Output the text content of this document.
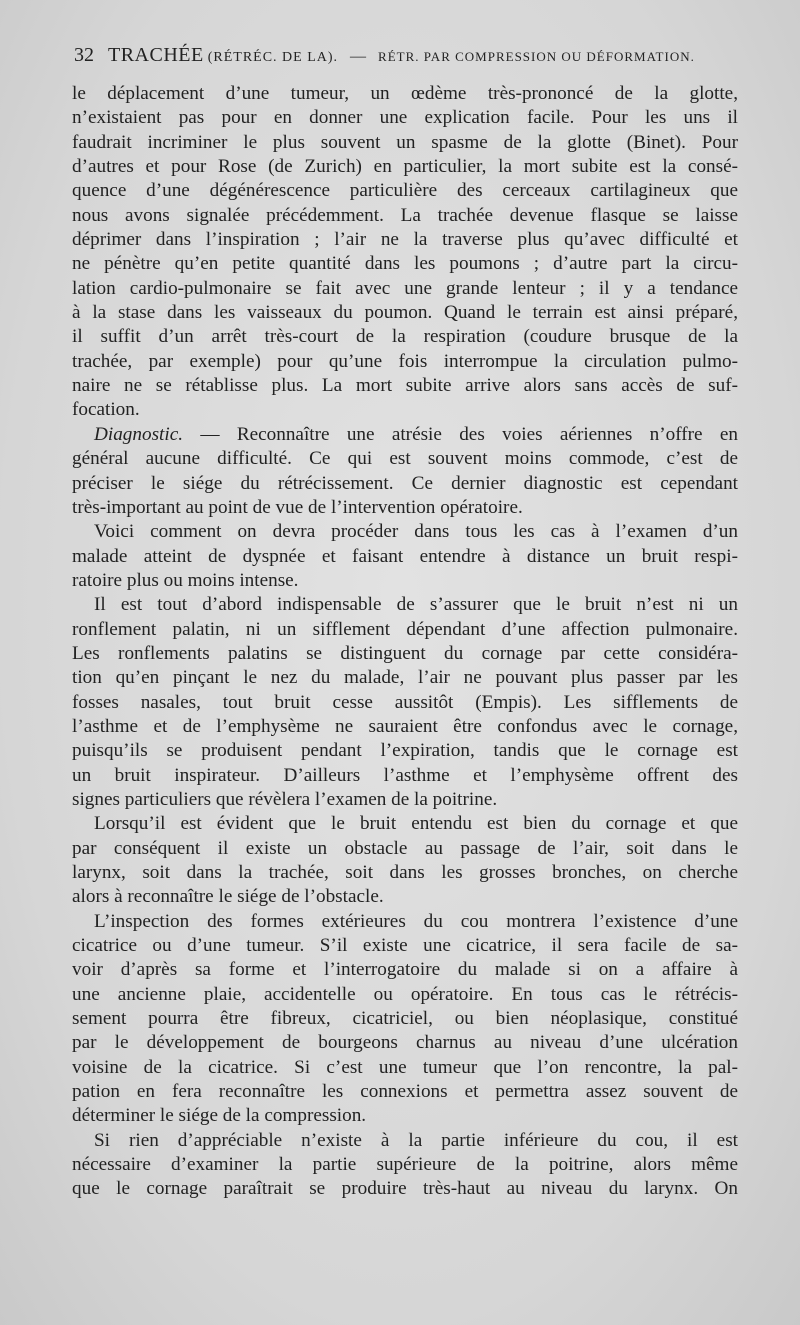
32 TRACHÉE (RÉTRÉC. DE LA). — RÉTR. PAR COMPRESSION OU DÉFORMATION.
le déplacement d’une tumeur, un œdème très-prononcé de la glotte,
n’existaient pas pour en donner une explication facile. Pour les uns il
faudrait incriminer le plus souvent un spasme de la glotte (Binet). Pour
d’autres et pour Rose (de Zurich) en particulier, la mort subite est la consé-
quence d’une dégénérescence particulière des cerceaux cartilagineux que
nous avons signalée précédemment. La trachée devenue flasque se laisse
déprimer dans l’inspiration ; l’air ne la traverse plus qu’avec difficulté et
ne pénètre qu’en petite quantité dans les poumons ; d’autre part la circu-
lation cardio-pulmonaire se fait avec une grande lenteur ; il y a tendance
à la stase dans les vaisseaux du poumon. Quand le terrain est ainsi préparé,
il suffit d’un arrêt très-court de la respiration (coudure brusque de la
trachée, par exemple) pour qu’une fois interrompue la circulation pulmo-
naire ne se rétablisse plus. La mort subite arrive alors sans accès de suf-
focation.
Diagnostic. — Reconnaître une atrésie des voies aériennes n’offre en
général aucune difficulté. Ce qui est souvent moins commode, c’est de
préciser le siége du rétrécissement. Ce dernier diagnostic est cependant
très-important au point de vue de l’intervention opératoire.
Voici comment on devra procéder dans tous les cas à l’examen d’un
malade atteint de dyspnée et faisant entendre à distance un bruit respi-
ratoire plus ou moins intense.
Il est tout d’abord indispensable de s’assurer que le bruit n’est ni un
ronflement palatin, ni un sifflement dépendant d’une affection pulmonaire.
Les ronflements palatins se distinguent du cornage par cette considéra-
tion qu’en pinçant le nez du malade, l’air ne pouvant plus passer par les
fosses nasales, tout bruit cesse aussitôt (Empis). Les sifflements de
l’asthme et de l’emphysème ne sauraient être confondus avec le cornage,
puisqu’ils se produisent pendant l’expiration, tandis que le cornage est
un bruit inspirateur. D’ailleurs l’asthme et l’emphysème offrent des
signes particuliers que révèlera l’examen de la poitrine.
Lorsqu’il est évident que le bruit entendu est bien du cornage et que
par conséquent il existe un obstacle au passage de l’air, soit dans le
larynx, soit dans la trachée, soit dans les grosses bronches, on cherche
alors à reconnaître le siége de l’obstacle.
L’inspection des formes extérieures du cou montrera l’existence d’une
cicatrice ou d’une tumeur. S’il existe une cicatrice, il sera facile de sa-
voir d’après sa forme et l’interrogatoire du malade si on a affaire à
une ancienne plaie, accidentelle ou opératoire. En tous cas le rétrécis-
sement pourra être fibreux, cicatriciel, ou bien néoplasique, constitué
par le développement de bourgeons charnus au niveau d’une ulcération
voisine de la cicatrice. Si c’est une tumeur que l’on rencontre, la pal-
pation en fera reconnaître les connexions et permettra assez souvent de
déterminer le siége de la compression.
Si rien d’appréciable n’existe à la partie inférieure du cou, il est
nécessaire d’examiner la partie supérieure de la poitrine, alors même
que le cornage paraîtrait se produire très-haut au niveau du larynx. On
